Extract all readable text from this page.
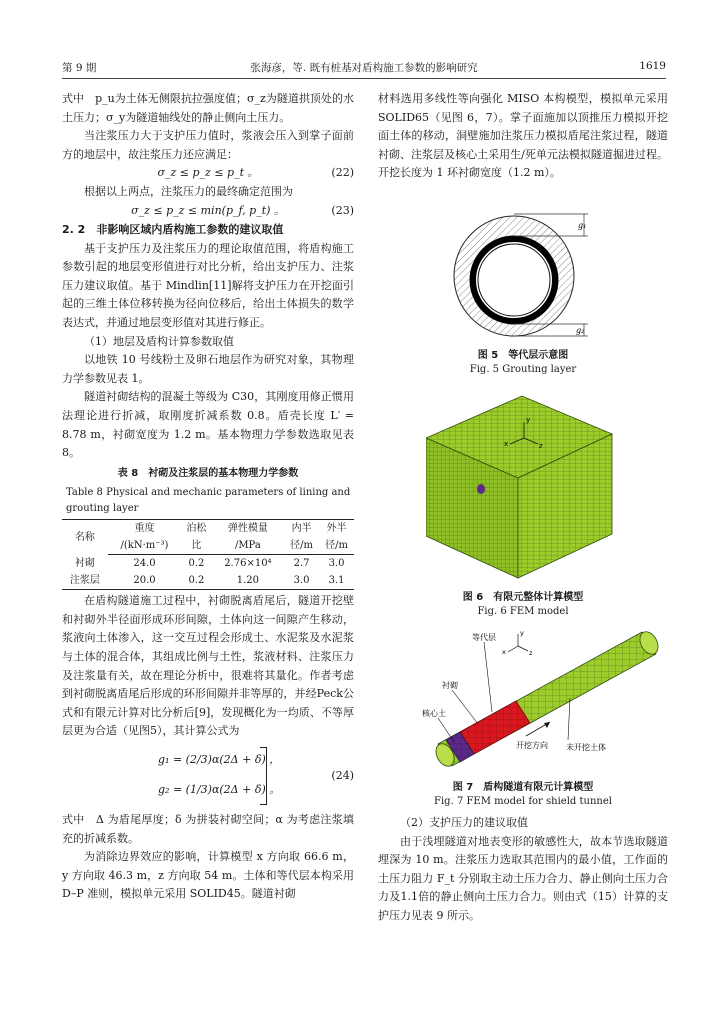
第 9 期	张海彦，等. 既有桩基对盾构施工参数的影响研究	1619

式中　p_u为土体无侧限抗拉强度值；σ_z为隧道拱顶处的水土压力；σ_y为隧道轴线处的静止侧向土压力。

当注浆压力大于支护压力值时，浆液会压入到掌子面前方的地层中，故注浆压力还应满足：

σ_z ≤ p_z ≤ p_t 。	(22)

根据以上两点，注浆压力的最终确定范围为

σ_z ≤ p_z ≤ min(p_f, p_t) 。	(23)

2. 2　非影响区域内盾构施工参数的建议取值

基于支护压力及注浆压力的理论取值范围，将盾构施工参数引起的地层变形值进行对比分析，给出支护压力、注浆压力建议取值。基于 Mindlin[11]解将支护压力在开挖面引起的三维土体位移转换为径向位移后，给出土体损失的数学表达式，并通过地层变形值对其进行修正。

（1）地层及盾构计算参数取值

以地铁 10 号线粉土及卵石地层作为研究对象，其物理力学参数见表 1。

隧道衬砌结构的混凝土等级为 C30，其刚度用修正惯用法理论进行折减，取刚度折减系数 0.8。盾壳长度 L′ = 8.78 m，衬砌宽度为 1.2 m。基本物理力学参数选取见表 8。

表 8　衬砌及注浆层的基本物理力学参数
Table 8 Physical and mechanic parameters of lining and grouting layer
名称	重度	泊松	弹性模量	内半	外半
	/(kN·m⁻³)	比	/MPa	径/m	径/m
衬砌	24.0	0.2	2.76×10⁴	2.7	3.0
注浆层	20.0	0.2	1.20	3.0	3.1

在盾构隧道施工过程中，衬砌脱离盾尾后，隧道开挖壁和衬砌外半径面形成环形间隙，土体向这一间隙产生移动，浆液向土体渗入，这一交互过程会形成土、水泥浆及水泥浆与土体的混合体，其组成比例与土性，浆液材料、注浆压力及注浆量有关，故在理论分析中，很难将其量化。作者考虑到衬砌脱离盾尾后形成的环形间隙并非等厚的，并经Peck公式和有限元计算对比分析后[9]，发现概化为一均质、不等厚层更为合适（见图5），其计算公式为

g₁ = (2/3)α(2Δ + δ) ，
g₂ = (1/3)α(2Δ + δ) 。
(24)

式中　Δ 为盾尾厚度；δ 为拼装衬砌空间；α 为考虑注浆填充的折减系数。

为消除边界效应的影响，计算模型 x 方向取 66.6 m，y 方向取 46.3 m，z 方向取 54 m。土体和等代层本构采用 D–P 准则，模拟单元采用 SOLID45。隧道衬砌

材料选用多线性等向强化 MISO 本构模型，模拟单元采用 SOLID65（见图 6，7）。掌子面施加以顶推压力模拟开挖面土体的移动，洞壁施加注浆压力模拟盾尾注浆过程，隧道衬砌、注浆层及核心土采用生/死单元法模拟隧道掘进过程。开挖长度为 1 环衬砌宽度（1.2 m）。

g₁
g₂
图 5　等代层示意图
Fig. 5 Grouting layer
y
x	z
图 6　有限元整体计算模型
Fig. 6 FEM model
y
x	z
等代层
衬砌
核心土
开挖方向 未开挖土体
图 7　盾构隧道有限元计算模型
Fig. 7 FEM model for shield tunnel

（2）支护压力的建议取值

由于浅埋隧道对地表变形的敏感性大，故本节选取隧道埋深为 10 m。注浆压力选取其范围内的最小值，工作面的土压力阻力 F_t 分别取主动土压力合力、静止侧向土压力合力及1.1倍的静止侧向土压力合力。则由式（15）计算的支护压力见表 9 所示。
